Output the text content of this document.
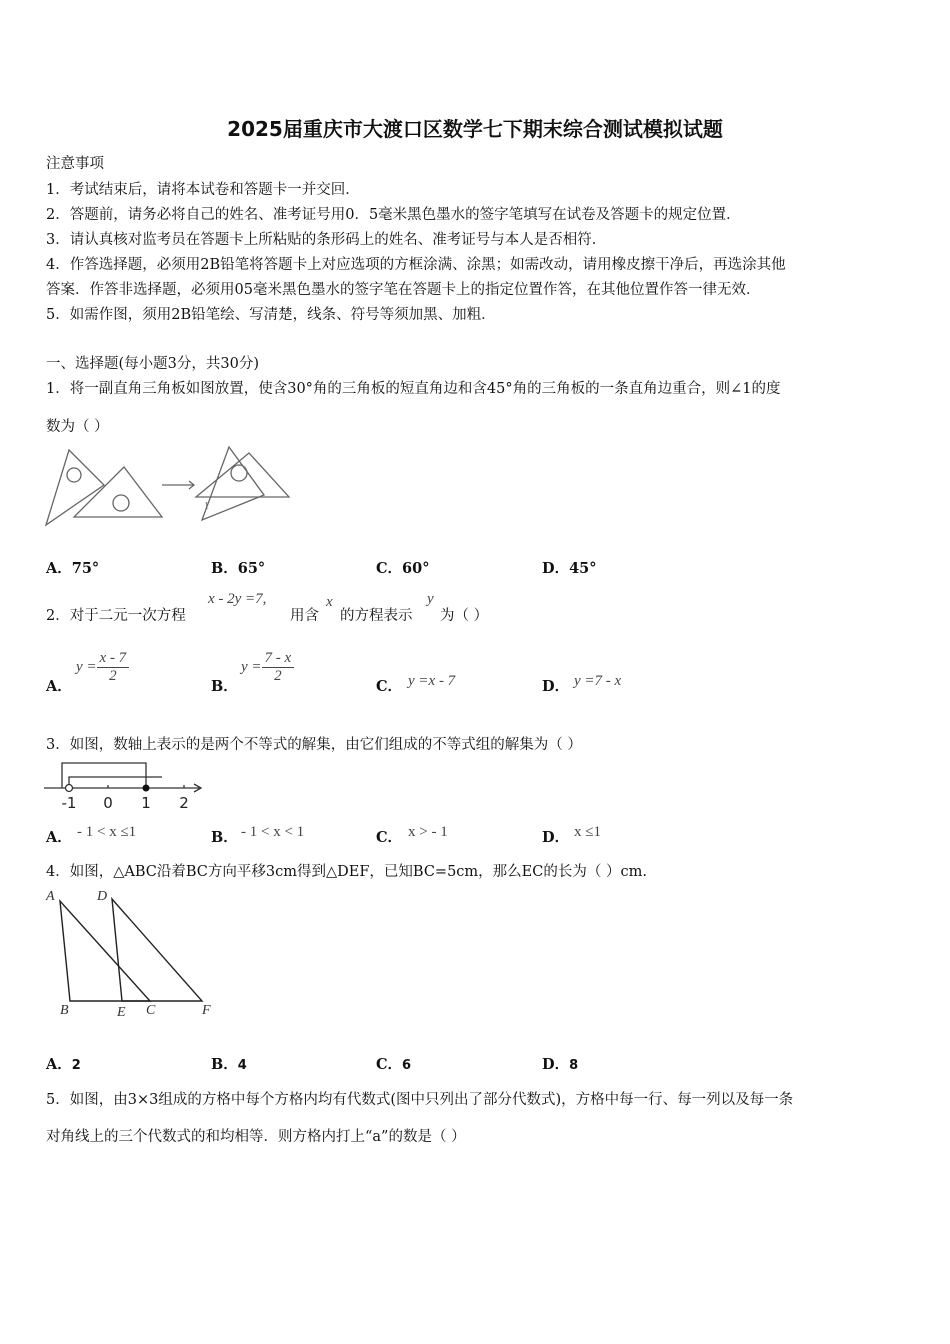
2025届重庆市大渡口区数学七下期末综合测试模拟试题
注意事项
1．考试结束后，请将本试卷和答题卡一并交回．
2．答题前，请务必将自己的姓名、准考证号用0．5毫米黑色墨水的签字笔填写在试卷及答题卡的规定位置．
3．请认真核对监考员在答题卡上所粘贴的条形码上的姓名、准考证号与本人是否相符．
4．作答选择题，必须用2B铅笔将答题卡上对应选项的方框涂满、涂黑；如需改动，请用橡皮擦干净后，再选涂其他
答案．作答非选择题，必须用05毫米黑色墨水的签字笔在答题卡上的指定位置作答，在其他位置作答一律无效．
5．如需作图，须用2B铅笔绘、写清楚，线条、符号等须加黑、加粗．
一、选择题(每小题3分，共30分)
1．将一副直角三角板如图放置，使含30°角的三角板的短直角边和含45°角的三角板的一条直角边重合，则∠1的度
数为（ ）
1
A．75°	B．65°	C．60°	D．45°
2．对于二元一次方程
x - 2y =7,
用含
x
的方程表示
y
为（ ）
A．
$y = \frac{x - 7}{2}$
B．
$y = \frac{7 - x}{2}$
C． y =x - 7	D． y =7 - x
3．如图，数轴上表示的是两个不等式的解集，由它们组成的不等式组的解集为（ ）
-1 0 1 2
A． - 1 < x ≤1	B． - 1 < x < 1	C． x > - 1	D． x ≤1
4．如图，△ABC沿着BC方向平移3cm得到△DEF，已知BC=5cm，那么EC的长为（ ）cm.
A	D
B	E C	F
A．2	B．4	C．6	D．8
5．如图，由3×3组成的方格中每个方格内均有代数式(图中只列出了部分代数式)，方格中每一行、每一列以及每一条
对角线上的三个代数式的和均相等．则方格内打上“a”的数是（ ）
